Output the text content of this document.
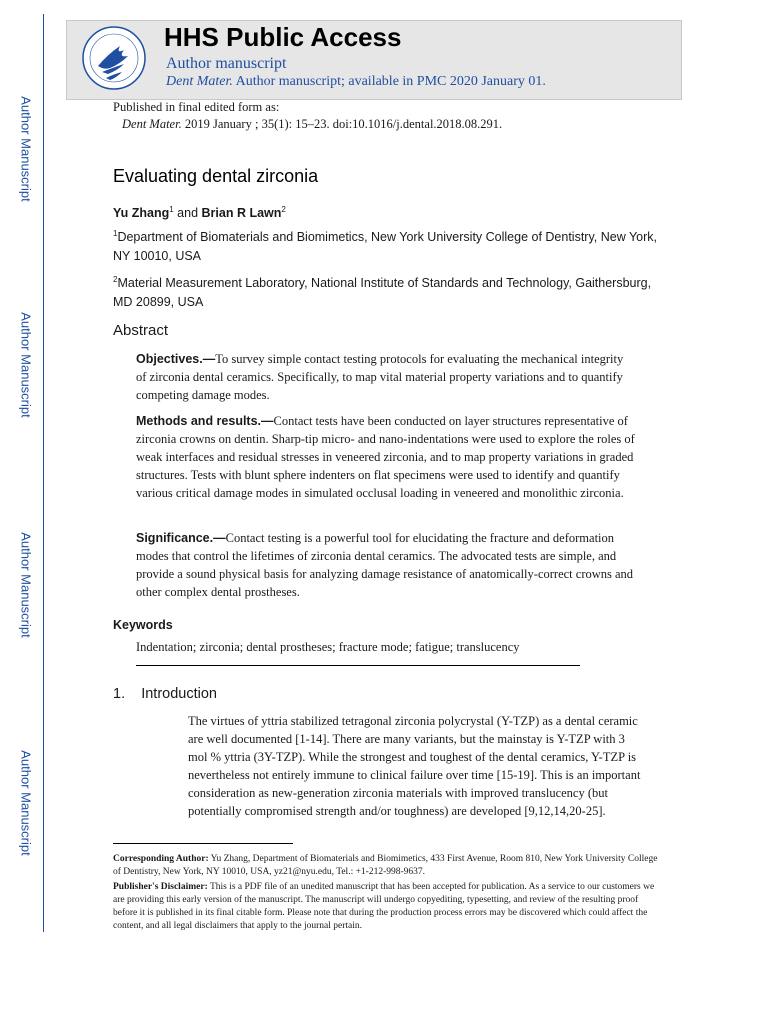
Author Manuscript
Author Manuscript
Author Manuscript
Author Manuscript
HHS Public Access
Author manuscript
Dent Mater. Author manuscript; available in PMC 2020 January 01.
Published in final edited form as:
Dent Mater. 2019 January ; 35(1): 15–23. doi:10.1016/j.dental.2018.08.291.
Evaluating dental zirconia
Yu Zhang$^1$ and Brian R Lawn$^2$
$^1$Department of Biomaterials and Biomimetics, New York University College of Dentistry, New York, NY 10010, USA
$^2$Material Measurement Laboratory, National Institute of Standards and Technology, Gaithersburg, MD 20899, USA
Abstract
Objectives.—To survey simple contact testing protocols for evaluating the mechanical integrity of zirconia dental ceramics. Specifically, to map vital material property variations and to quantify competing damage modes.
Methods and results.—Contact tests have been conducted on layer structures representative of zirconia crowns on dentin. Sharp-tip micro- and nano-indentations were used to explore the roles of weak interfaces and residual stresses in veneered zirconia, and to map property variations in graded structures. Tests with blunt sphere indenters on flat specimens were used to identify and quantify various critical damage modes in simulated occlusal loading in veneered and monolithic zirconia.
Significance.—Contact testing is a powerful tool for elucidating the fracture and deformation modes that control the lifetimes of zirconia dental ceramics. The advocated tests are simple, and provide a sound physical basis for analyzing damage resistance of anatomically-correct crowns and other complex dental prostheses.
Keywords
Indentation; zirconia; dental prostheses; fracture mode; fatigue; translucency
1.    Introduction
The virtues of yttria stabilized tetragonal zirconia polycrystal (Y-TZP) as a dental ceramic are well documented [1-14]. There are many variants, but the mainstay is Y-TZP with 3 mol % yttria (3Y-TZP). While the strongest and toughest of the dental ceramics, Y-TZP is nevertheless not entirely immune to clinical failure over time [15-19]. This is an important consideration as new-generation zirconia materials with improved translucency (but potentially compromised strength and/or toughness) are developed [9,12,14,20-25].
Corresponding Author: Yu Zhang, Department of Biomaterials and Biomimetics, 433 First Avenue, Room 810, New York University College of Dentistry, New York, NY 10010, USA, yz21@nyu.edu, Tel.: +1-212-998-9637.
Publisher's Disclaimer: This is a PDF file of an unedited manuscript that has been accepted for publication. As a service to our customers we are providing this early version of the manuscript. The manuscript will undergo copyediting, typesetting, and review of the resulting proof before it is published in its final citable form. Please note that during the production process errors may be discovered which could affect the content, and all legal disclaimers that apply to the journal pertain.
